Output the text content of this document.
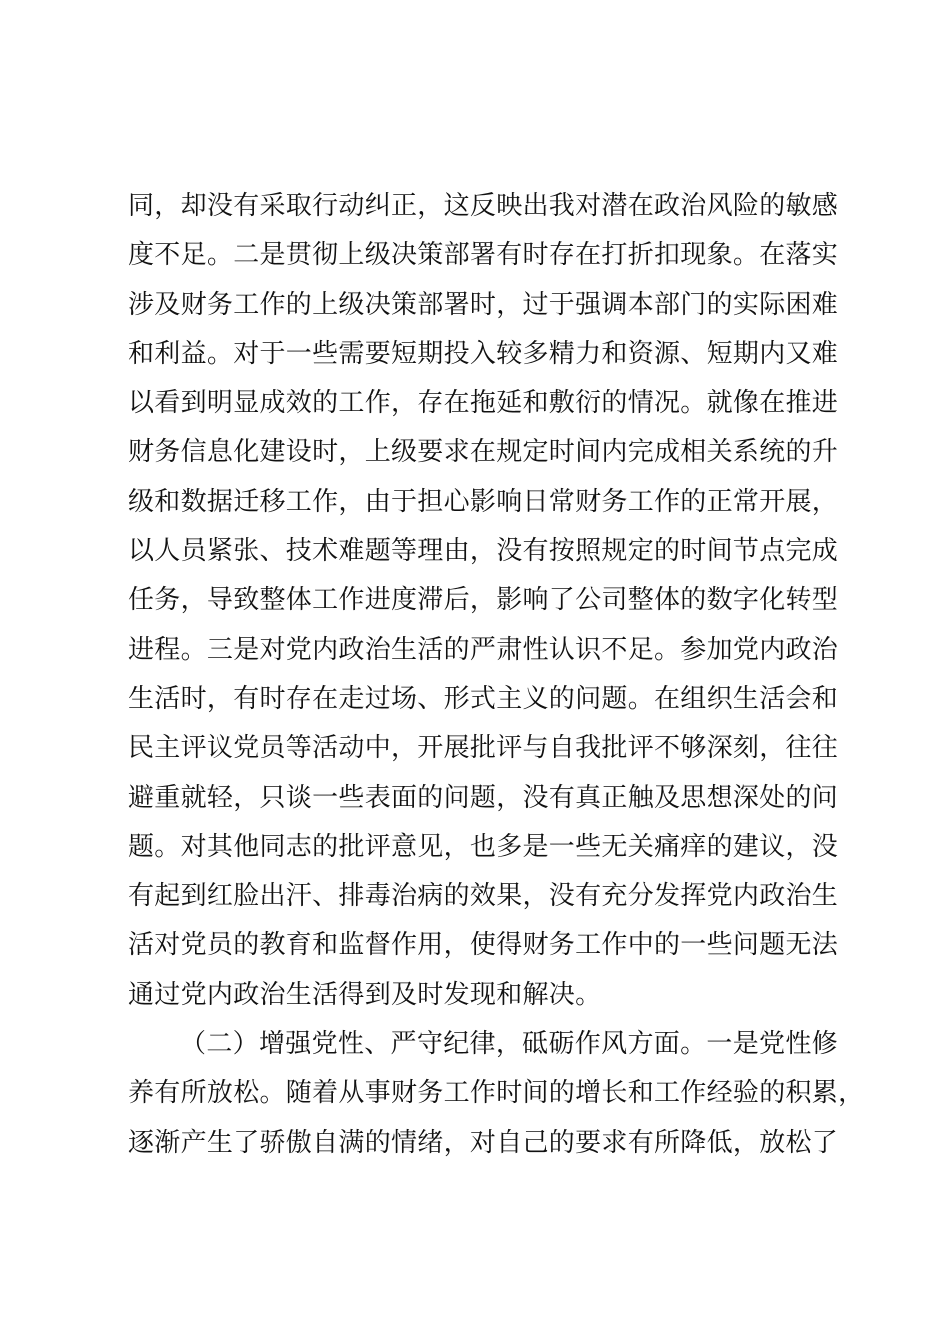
同，却没有采取行动纠正，这反映出我对潜在政治风险的敏感
度不足。二是贯彻上级决策部署有时存在打折扣现象。在落实
涉及财务工作的上级决策部署时，过于强调本部门的实际困难
和利益。对于一些需要短期投入较多精力和资源、短期内又难
以看到明显成效的工作，存在拖延和敷衍的情况。就像在推进
财务信息化建设时，上级要求在规定时间内完成相关系统的升
级和数据迁移工作，由于担心影响日常财务工作的正常开展，
以人员紧张、技术难题等理由，没有按照规定的时间节点完成
任务，导致整体工作进度滞后，影响了公司整体的数字化转型
进程。三是对党内政治生活的严肃性认识不足。参加党内政治
生活时，有时存在走过场、形式主义的问题。在组织生活会和
民主评议党员等活动中，开展批评与自我批评不够深刻，往往
避重就轻，只谈一些表面的问题，没有真正触及思想深处的问
题。对其他同志的批评意见，也多是一些无关痛痒的建议，没
有起到红脸出汗、排毒治病的效果，没有充分发挥党内政治生
活对党员的教育和监督作用，使得财务工作中的一些问题无法
通过党内政治生活得到及时发现和解决。
（二）增强党性、严守纪律，砥砺作风方面。一是党性修
养有所放松。随着从事财务工作时间的增长和工作经验的积累，
逐渐产生了骄傲自满的情绪，对自己的要求有所降低，放松了
